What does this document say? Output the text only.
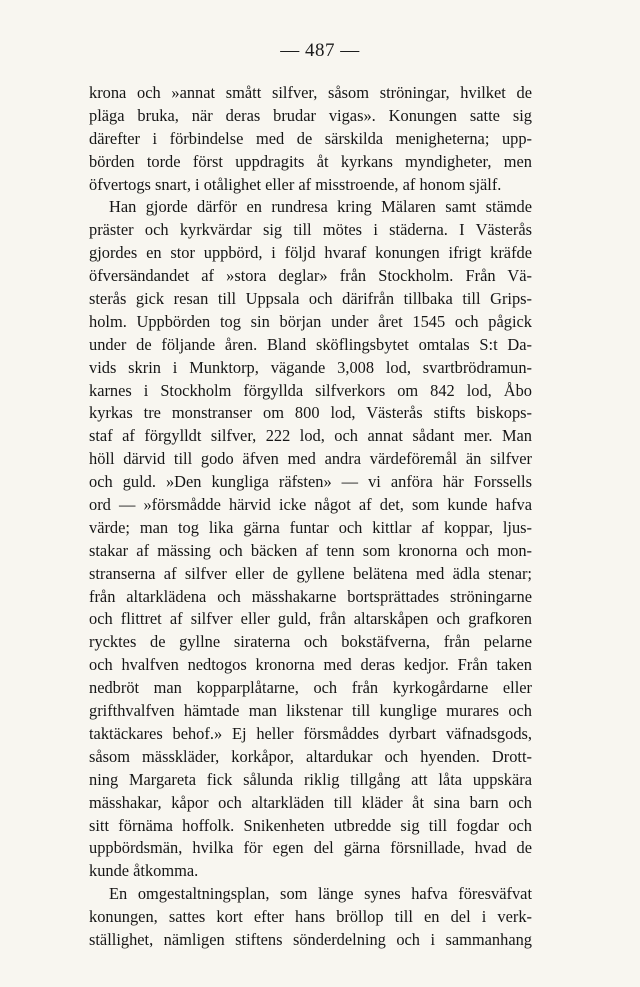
— 487 —
krona och »annat smått silfver, såsom ströningar, hvilket de
pläga bruka, när deras brudar vigas». Konungen satte sig
därefter i förbindelse med de särskilda menigheterna; upp-
börden torde först uppdragits åt kyrkans myndigheter, men
öfvertogs snart, i otålighet eller af misstroende, af honom själf.
Han gjorde därför en rundresa kring Mälaren samt stämde
präster och kyrkvärdar sig till mötes i städerna. I Västerås
gjordes en stor uppbörd, i följd hvaraf konungen ifrigt kräfde
öfversändandet af »stora deglar» från Stockholm. Från Vä-
sterås gick resan till Uppsala och därifrån tillbaka till Grips-
holm. Uppbörden tog sin början under året 1545 och pågick
under de följande åren. Bland sköflingsbytet omtalas S:t Da-
vids skrin i Munktorp, vägande 3,008 lod, svartbrödramun-
karnes i Stockholm förgyllda silfverkors om 842 lod, Åbo
kyrkas tre monstranser om 800 lod, Västerås stifts biskops-
staf af förgylldt silfver, 222 lod, och annat sådant mer. Man
höll därvid till godo äfven med andra värdeföremål än silfver
och guld. »Den kungliga räfsten» — vi anföra här Forssells
ord — »försmådde härvid icke något af det, som kunde hafva
värde; man tog lika gärna funtar och kittlar af koppar, ljus-
stakar af mässing och bäcken af tenn som kronorna och mon-
stranserna af silfver eller de gyllene belätena med ädla stenar;
från altarklädena och mässhakarne bortsprättades ströningarne
och flittret af silfver eller guld, från altarskåpen och grafkoren
rycktes de gyllne siraterna och bokstäfverna, från pelarne
och hvalfven nedtogos kronorna med deras kedjor. Från taken
nedbröt man kopparplåtarne, och från kyrkogårdarne eller
grifthvalfven hämtade man likstenar till kunglige murares och
taktäckares behof.» Ej heller försmåddes dyrbart väfnadsgods,
såsom mässkläder, korkåpor, altardukar och hyenden. Drott-
ning Margareta fick sålunda riklig tillgång att låta uppskära
mässhakar, kåpor och altarkläden till kläder åt sina barn och
sitt förnäma hoffolk. Snikenheten utbredde sig till fogdar och
uppbördsmän, hvilka för egen del gärna försnillade, hvad de
kunde åtkomma.
En omgestaltningsplan, som länge synes hafva föresväfvat
konungen, sattes kort efter hans bröllop till en del i verk-
ställighet, nämligen stiftens sönderdelning och i sammanhang
